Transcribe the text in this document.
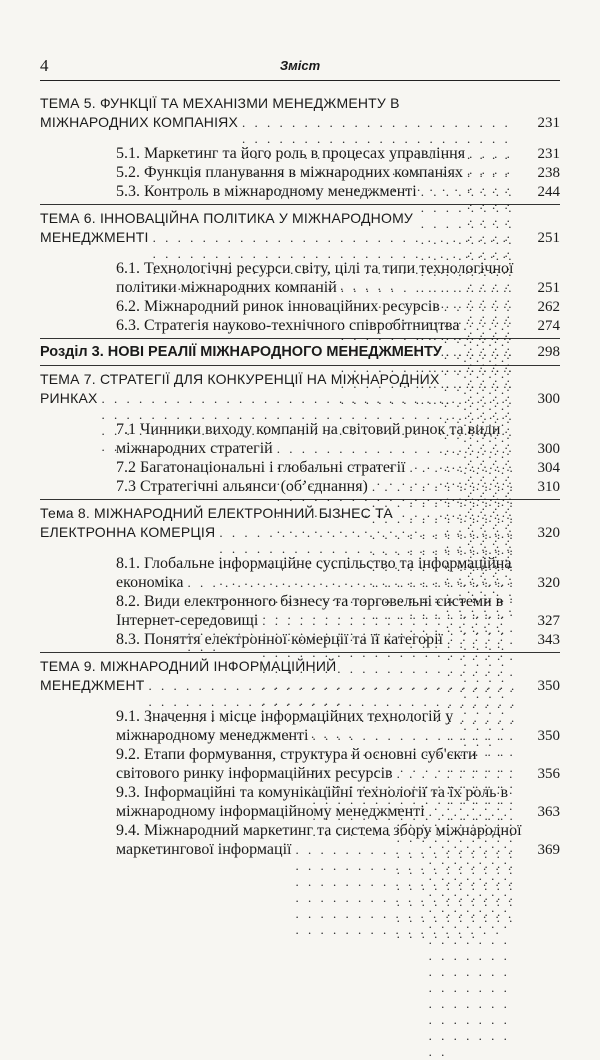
4	Зміст
ТЕМА 5. ФУНКЦІЇ ТА МЕХАНІЗМИ МЕНЕДЖМЕНТУ В
МІЖНАРОДНИХ КОМПАНІЯХ . . .	231
5.1. Маркетинг та його роль в процесах управління . . .	231
5.2. Функція планування в міжнародних компаніях . . .	238
5.3. Контроль в міжнародному менеджменті . . .	244
ТЕМА 6. ІННОВАЦІЙНА ПОЛІТИКА У МІЖНАРОДНОМУ
МЕНЕДЖМЕНТІ . . .	251
6.1. Технологічні ресурси світу, цілі та типи технологічної
політики міжнародних компаній . . .	251
6.2. Міжнародний ринок інноваційних ресурсів . . .	262
6.3. Стратегія науково-технічного співробітництва . . .	274
Розділ 3. НОВІ РЕАЛІЇ МІЖНАРОДНОГО МЕНЕДЖМЕНТУ . . .	298
ТЕМА 7. СТРАТЕГІЇ ДЛЯ КОНКУРЕНЦІЇ НА МІЖНАРОДНИХ
РИНКАХ . . .	300
7.1 Чинники виходу компаній на світовий ринок та види
міжнародних стратегій . . .	300
7.2 Багатонаціональні і глобальні стратегії . . .	304
7.3 Стратегічні альянси (об’єднання) . . .	310
Тема 8. МІЖНАРОДНИЙ ЕЛЕКТРОННИЙ БІЗНЕС ТА
ЕЛЕКТРОННА КОМЕРЦІЯ . . .	320
8.1. Глобальне інформаційне суспільство та інформаційна
економіка . . .	320
8.2. Види електронного бізнесу та торговельні системи в
Інтернет-середовищі . . .	327
8.3. Поняття електронної комерції та її категорії . . .	343
ТЕМА 9. МІЖНАРОДНИЙ ІНФОРМАЦІЙНИЙ
МЕНЕДЖМЕНТ . . .	350
9.1. Значення і місце інформаційних технологій у
міжнародному менеджменті . . .	350
9.2. Етапи формування, структура й основні суб'єкти
світового ринку інформаційних ресурсів . . .	356
9.3. Інформаційні та комунікаційні технології та їх роль в
міжнародному інформаційному менеджменті . . .	363
9.4. Міжнародний маркетинг та система збору міжнародної
маркетингової інформації . . .	369
